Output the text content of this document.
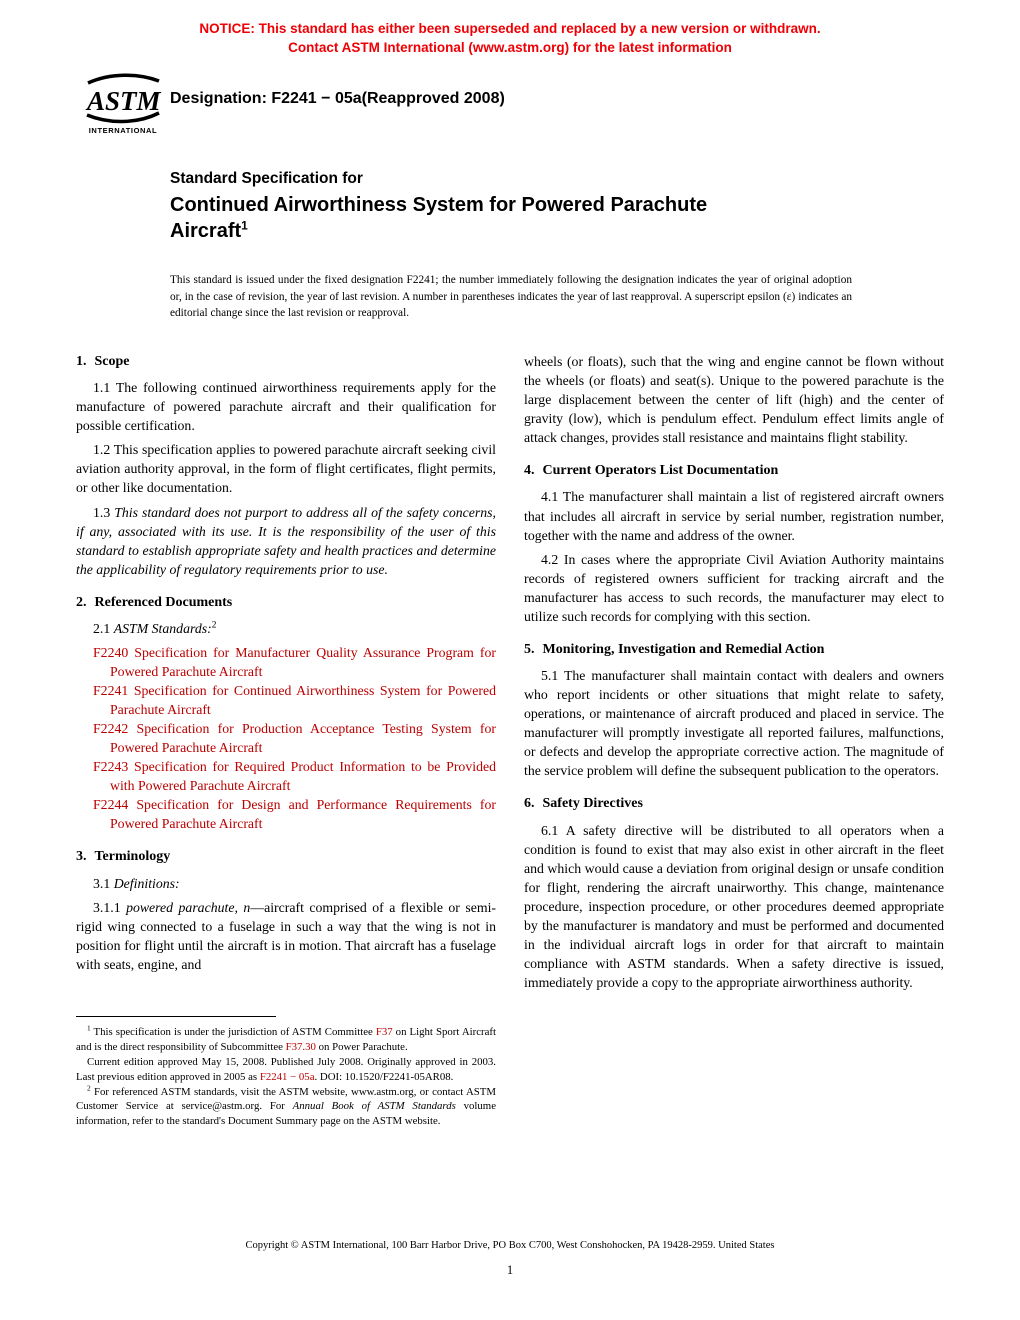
NOTICE: This standard has either been superseded and replaced by a new version or withdrawn.
Contact ASTM International (www.astm.org) for the latest information
ASTM
INTERNATIONAL
Designation: F2241 − 05a(Reapproved 2008)
Standard Specification for
Continued Airworthiness System for Powered Parachute
Aircraft$^1$
This standard is issued under the fixed designation F2241; the number immediately following the designation indicates the year of original adoption or, in the case of revision, the year of last revision. A number in parentheses indicates the year of last reapproval. A superscript epsilon (ε) indicates an editorial change since the last revision or reapproval.
1. Scope

1.1 The following continued airworthiness requirements apply for the manufacture of powered parachute aircraft and their qualification for possible certification.

1.2 This specification applies to powered parachute aircraft seeking civil aviation authority approval, in the form of flight certificates, flight permits, or other like documentation.

1.3 This standard does not purport to address all of the safety concerns, if any, associated with its use. It is the responsibility of the user of this standard to establish appropriate safety and health practices and determine the applicability of regulatory requirements prior to use.

2. Referenced Documents

2.1 ASTM Standards:$^2$

F2240 Specification for Manufacturer Quality Assurance Program for Powered Parachute Aircraft

F2241 Specification for Continued Airworthiness System for Powered Parachute Aircraft

F2242 Specification for Production Acceptance Testing System for Powered Parachute Aircraft

F2243 Specification for Required Product Information to be Provided with Powered Parachute Aircraft

F2244 Specification for Design and Performance Requirements for Powered Parachute Aircraft

3. Terminology

3.1 Definitions:

3.1.1 powered parachute, n—aircraft comprised of a flexible or semi-rigid wing connected to a fuselage in such a way that the wing is not in position for flight until the aircraft is in motion. That aircraft has a fuselage with seats, engine, and

wheels (or floats), such that the wing and engine cannot be flown without the wheels (or floats) and seat(s). Unique to the powered parachute is the large displacement between the center of lift (high) and the center of gravity (low), which is pendulum effect. Pendulum effect limits angle of attack changes, provides stall resistance and maintains flight stability.

4. Current Operators List Documentation

4.1 The manufacturer shall maintain a list of registered aircraft owners that includes all aircraft in service by serial number, registration number, together with the name and address of the owner.

4.2 In cases where the appropriate Civil Aviation Authority maintains records of registered owners sufficient for tracking aircraft and the manufacturer has access to such records, the manufacturer may elect to utilize such records for complying with this section.

5. Monitoring, Investigation and Remedial Action

5.1 The manufacturer shall maintain contact with dealers and owners who report incidents or other situations that might relate to safety, operations, or maintenance of aircraft produced and placed in service. The manufacturer will promptly investigate all reported failures, malfunctions, or defects and develop the appropriate corrective action. The magnitude of the service problem will define the subsequent publication to the operators.

6. Safety Directives

6.1 A safety directive will be distributed to all operators when a condition is found to exist that may also exist in other aircraft in the fleet and which would cause a deviation from original design or unsafe condition for flight, rendering the aircraft unairworthy. This change, maintenance procedure, inspection procedure, or other procedures deemed appropriate by the manufacturer is mandatory and must be performed and documented in the individual aircraft logs in order for that aircraft to maintain compliance with ASTM standards. When a safety directive is issued, immediately provide a copy to the appropriate airworthiness authority.

$^1$ This specification is under the jurisdiction of ASTM Committee F37 on Light Sport Aircraft and is the direct responsibility of Subcommittee F37.30 on Power Parachute.

Current edition approved May 15, 2008. Published July 2008. Originally approved in 2003. Last previous edition approved in 2005 as F2241 − 05a. DOI: 10.1520/F2241-05AR08.

$^2$ For referenced ASTM standards, visit the ASTM website, www.astm.org, or contact ASTM Customer Service at service@astm.org. For Annual Book of ASTM Standards volume information, refer to the standard's Document Summary page on the ASTM website.

Copyright © ASTM International, 100 Barr Harbor Drive, PO Box C700, West Conshohocken, PA 19428-2959. United States
1
